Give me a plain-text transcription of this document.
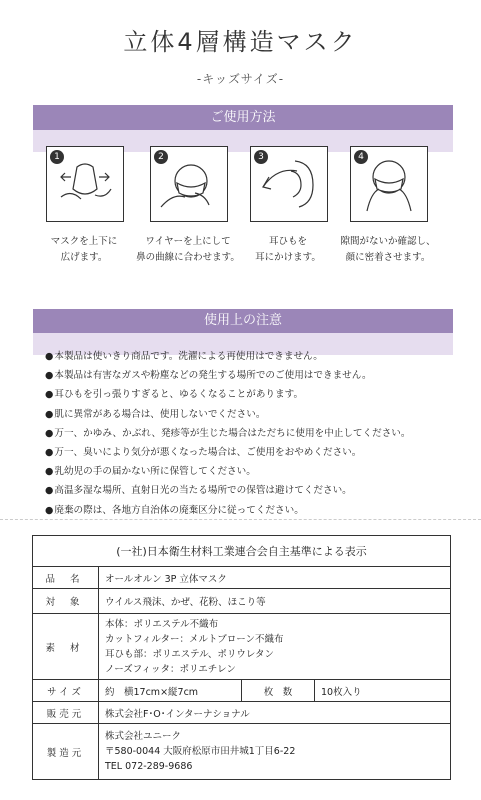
立体4層構造マスク
-キッズサイズ-
ご使用方法
1
マスクを上下に
広げます。
2
ワイヤーを上にして
鼻の曲線に合わせます。
3
耳ひもを
耳にかけます。
4
隙間がないか確認し、
顔に密着させます。
使用上の注意
● 本製品は使いきり商品です。洗濯による再使用はできません。
● 本製品は有害なガスや粉塵などの発生する場所でのご使用はできません。
● 耳ひもを引っ張りすぎると、ゆるくなることがあります。
● 肌に異常がある場合は、使用しないでください。
● 万一、かゆみ、かぶれ、発疹等が生じた場合はただちに使用を中止してください。
● 万一、臭いにより気分が悪くなった場合は、ご使用をおやめください。
● 乳幼児の手の届かない所に保管してください。
● 高温多湿な場所、直射日光の当たる場所での保管は避けてください。
● 廃棄の際は、各地方自治体の廃棄区分に従ってください。
(一社)日本衛生材料工業連合会自主基準による表示			
品 名	オールオルン 3P 立体マスク		
対 象	ウイルス飛沫、かぜ、花粉、ほこり等		
素 材	本体：ポリエステル不織布
カットフィルター：メルトブローン不織布
耳ひも部：ポリエステル、ポリウレタン
ノーズフィッタ：ポリエチレン		

サイズ	約　横17cm×縦7cm	枚　数	10枚入り
販売元	株式会社F･O･インターナショナル		
製造元	株式会社ユニーク
〒580-0044 大阪府松原市田井城1丁目6-22
TEL 072-289-9686		
